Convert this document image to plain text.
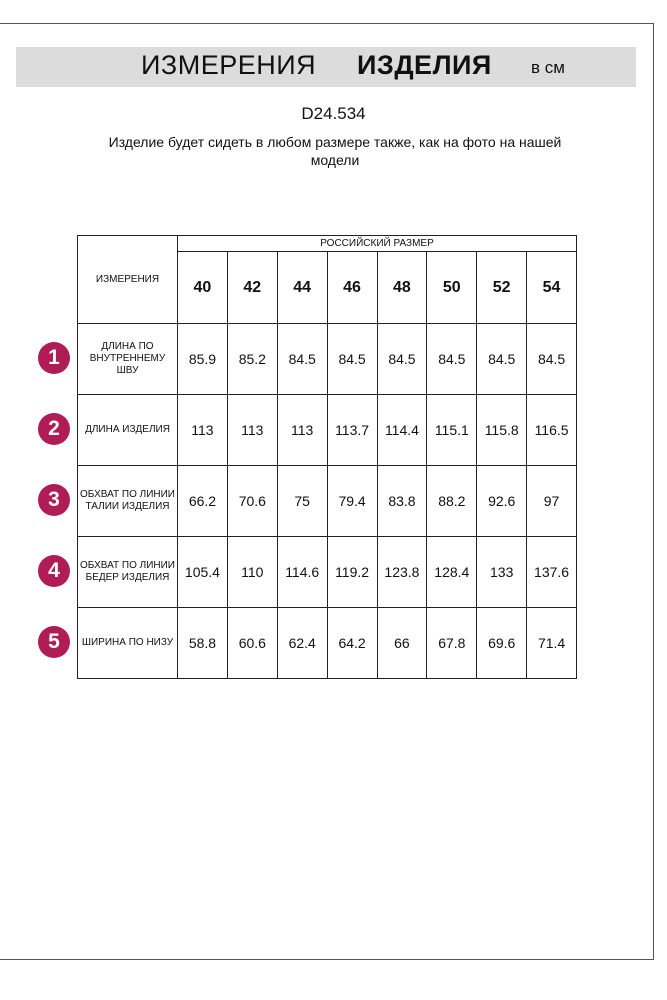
ИЗМЕРЕНИЯ ИЗДЕЛИЯ в см
D24.534
Изделие будет сидеть в любом размере также, как на фото на нашей модели
ИЗМЕРЕНИЯ	РОССИЙСКИЙ РАЗМЕР							
	40	42	44	46	48	50	52	54
ДЛИНА ПО ВНУТРЕННЕМУ ШВУ	85.9	85.2	84.5	84.5	84.5	84.5	84.5	84.5
ДЛИНА ИЗДЕЛИЯ	113	113	113	113.7	114.4	115.1	115.8	116.5
ОБХВАТ ПО ЛИНИИ ТАЛИИ ИЗДЕЛИЯ	66.2	70.6	75	79.4	83.8	88.2	92.6	97
ОБХВАТ ПО ЛИНИИ БЕДЕР ИЗДЕЛИЯ	105.4	110	114.6	119.2	123.8	128.4	133	137.6
ШИРИНА ПО НИЗУ	58.8	60.6	62.4	64.2	66	67.8	69.6	71.4
1
2
3
4
5
